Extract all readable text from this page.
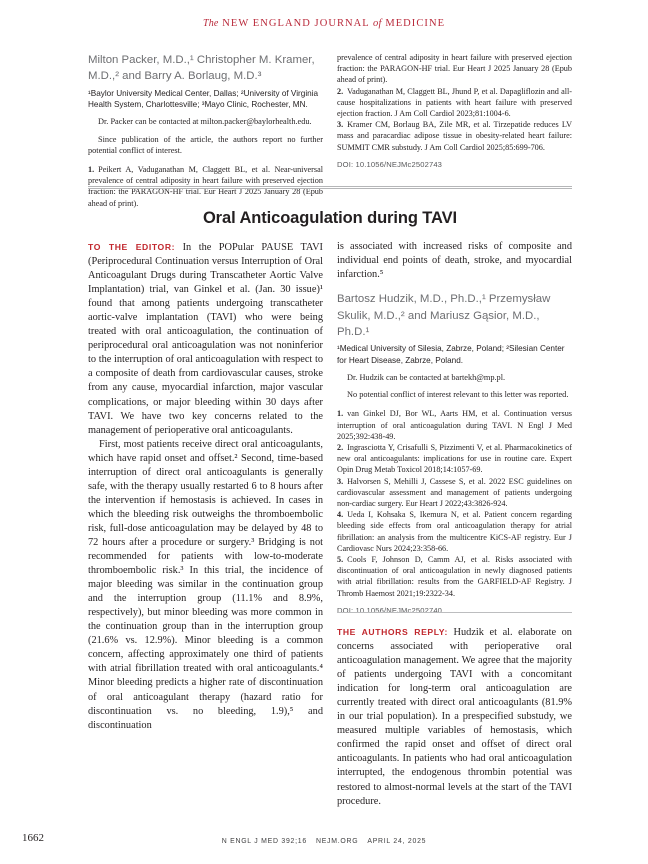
The NEW ENGLAND JOURNAL of MEDICINE
Milton Packer, M.D.,¹ Christopher M. Kramer, M.D.,² and Barry A. Borlaug, M.D.³
¹Baylor University Medical Center, Dallas; ²University of Virginia Health System, Charlottesville; ³Mayo Clinic, Rochester, MN.
Dr. Packer can be contacted at milton.packer@baylorhealth.edu.
Since publication of the article, the authors report no further potential conflict of interest.

1. Peikert A, Vaduganathan M, Claggett BL, et al. Near-universal prevalence of central adiposity in heart failure with preserved ejection fraction: the PARAGON-HF trial. Eur Heart J 2025 January 28 (Epub ahead of print).

prevalence of central adiposity in heart failure with preserved ejection fraction: the PARAGON-HF trial. Eur Heart J 2025 January 28 (Epub ahead of print).

2. Vaduganathan M, Claggett BL, Jhund P, et al. Dapagliflozin and all-cause hospitalizations in patients with heart failure with preserved ejection fraction. J Am Coll Cardiol 2023;81:1004-6.

3. Kramer CM, Borlaug BA, Zile MR, et al. Tirzepatide reduces LV mass and paracardiac adipose tissue in obesity-related heart failure: SUMMIT CMR substudy. J Am Coll Cardiol 2025;85:699-706.

DOI: 10.1056/NEJMc2502743
Oral Anticoagulation during TAVI

TO THE EDITOR: In the POPular PAUSE TAVI (Periprocedural Continuation versus Interruption of Oral Anticoagulant Drugs during Transcatheter Aortic Valve Implantation) trial, van Ginkel et al. (Jan. 30 issue)¹ found that among patients undergoing transcatheter aortic-valve implantation (TAVI) who were being treated with oral anticoagulation, the continuation of periprocedural oral anticoagulation was not noninferior to the interruption of oral anticoagulation with respect to a composite of death from cardiovascular causes, stroke from any cause, myocardial infarction, major vascular complications, or major bleeding within 30 days after TAVI. We have two key concerns related to the management of perioperative oral anticoagulants.

First, most patients receive direct oral anticoagulants, which have rapid onset and offset.² Second, time-based interruption of direct oral anticoagulants is generally safe, with the therapy usually restarted 6 to 8 hours after the intervention if hemostasis is achieved. In cases in which the bleeding risk outweighs the thromboembolic risk, full-dose anticoagulation may be delayed by 48 to 72 hours after a procedure or surgery.³ Bridging is not recommended for patients with low-to-moderate thromboembolic risk.³ In this trial, the incidence of major bleeding was similar in the continuation group and the interruption group (11.1% and 8.9%, respectively), but minor bleeding was more common in the continuation group than in the interruption group (21.6% vs. 12.9%). Minor bleeding is a common concern, affecting approximately one third of patients with atrial fibrillation treated with oral anticoagulants.⁴ Minor bleeding predicts a higher rate of discontinuation of oral anticoagulant therapy (hazard ratio for discontinuation vs. no bleeding, 1.9),⁵ and discontinuation

is associated with increased risks of composite and individual end points of death, stroke, and myocardial infarction.⁵

Bartosz Hudzik, M.D., Ph.D.,¹ Przemysław Skulik, M.D.,² and Mariusz Gąsior, M.D., Ph.D.¹
¹Medical University of Silesia, Zabrze, Poland; ²Silesian Center for Heart Disease, Zabrze, Poland.
Dr. Hudzik can be contacted at bartekh@mp.pl.
No potential conflict of interest relevant to this letter was reported.

1. van Ginkel DJ, Bor WL, Aarts HM, et al. Continuation versus interruption of oral anticoagulation during TAVI. N Engl J Med 2025;392:438-49.

2. Ingrasciotta Y, Crisafulli S, Pizzimenti V, et al. Pharmacokinetics of new oral anticoagulants: implications for use in routine care. Expert Opin Drug Metab Toxicol 2018;14:1057-69.

3. Halvorsen S, Mehilli J, Cassese S, et al. 2022 ESC guidelines on cardiovascular assessment and management of patients undergoing non-cardiac surgery. Eur Heart J 2022;43:3826-924.

4. Ueda I, Kohsaka S, Ikemura N, et al. Patient concern regarding bleeding side effects from oral anticoagulation therapy for atrial fibrillation: an analysis from the multicentre KiCS-AF registry. Eur J Cardiovasc Nurs 2024;23:358-66.

5. Cools F, Johnson D, Camm AJ, et al. Risks associated with discontinuation of oral anticoagulation in newly diagnosed patients with atrial fibrillation: results from the GARFIELD-AF Registry. J Thromb Haemost 2021;19:2322-34.

DOI: 10.1056/NEJMc2502740

THE AUTHORS REPLY: Hudzik et al. elaborate on concerns associated with perioperative oral anticoagulation management. We agree that the majority of patients undergoing TAVI with a concomitant indication for long-term oral anticoagulation are currently treated with direct oral anticoagulants (81.9% in our trial population). In a prespecified substudy, we measured multiple variables of hemostasis, which confirmed the rapid onset and offset of direct oral anticoagulants. In patients who had oral anticoagulation interrupted, the endogenous thrombin potential was restored to almost-normal levels at the start of the TAVI procedure.

1662	N ENGL J MED 392;16 NEJM.ORG APRIL 24, 2025
